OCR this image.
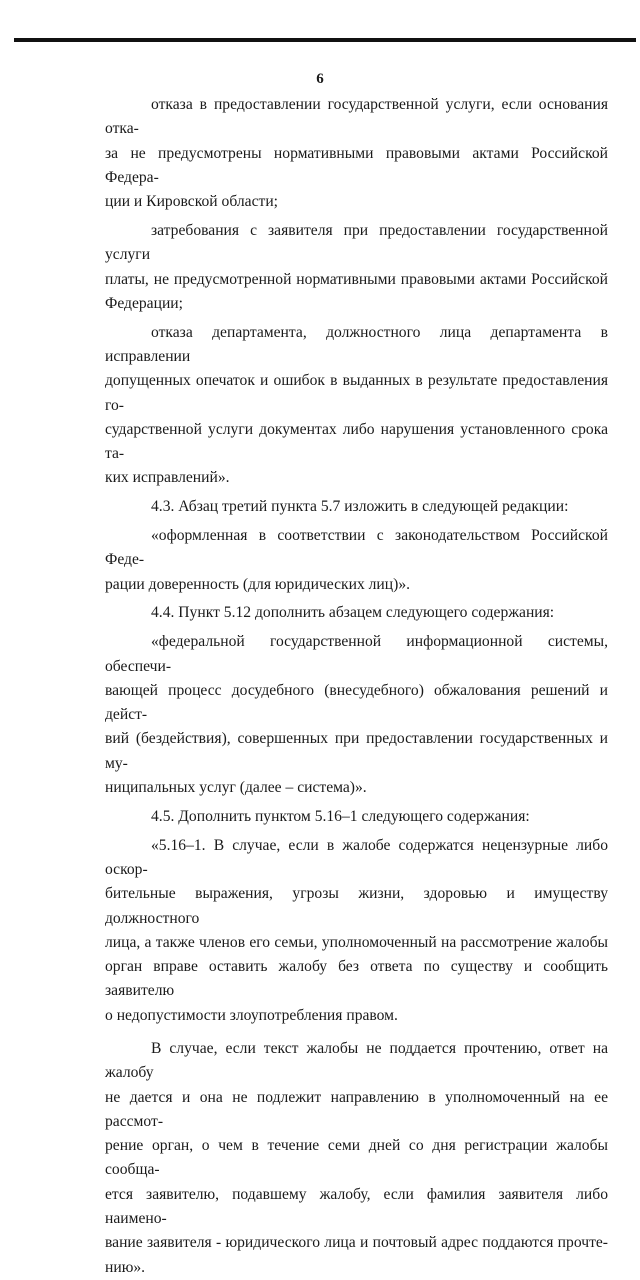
6

отказа в предоставлении государственной услуги, если основания отка-
за не предусмотрены нормативными правовыми актами Российской Федера-
ции и Кировской области;

затребования с заявителя при предоставлении государственной услуги
платы, не предусмотренной нормативными правовыми актами Российской
Федерации;

отказа департамента, должностного лица департамента в исправлении
допущенных опечаток и ошибок в выданных в результате предоставления го-
сударственной услуги документах либо нарушения установленного срока та-
ких исправлений».

4.3. Абзац третий пункта 5.7 изложить в следующей редакции:

«оформленная в соответствии с законодательством Российской Феде-
рации доверенность (для юридических лиц)».

4.4. Пункт 5.12 дополнить абзацем следующего содержания:

«федеральной государственной информационной системы, обеспечи-
вающей процесс досудебного (внесудебного) обжалования решений и дейст-
вий (бездействия), совершенных при предоставлении государственных и му-
ниципальных услуг (далее – система)».

4.5. Дополнить пунктом 5.16–1 следующего содержания:

«5.16–1. В случае, если в жалобе содержатся нецензурные либо оскор-
бительные выражения, угрозы жизни, здоровью и имуществу должностного
лица, а также членов его семьи, уполномоченный на рассмотрение жалобы
орган вправе оставить жалобу без ответа по существу и сообщить заявителю
о недопустимости злоупотребления правом.

В случае, если текст жалобы не поддается прочтению, ответ на жалобу
не дается и она не подлежит направлению в уполномоченный на ее рассмот-
рение орган, о чем в течение семи дней со дня регистрации жалобы сообща-
ется заявителю, подавшему жалобу, если фамилия заявителя либо наимено-
вание заявителя - юридического лица и почтовый адрес поддаются прочте-
нию».
